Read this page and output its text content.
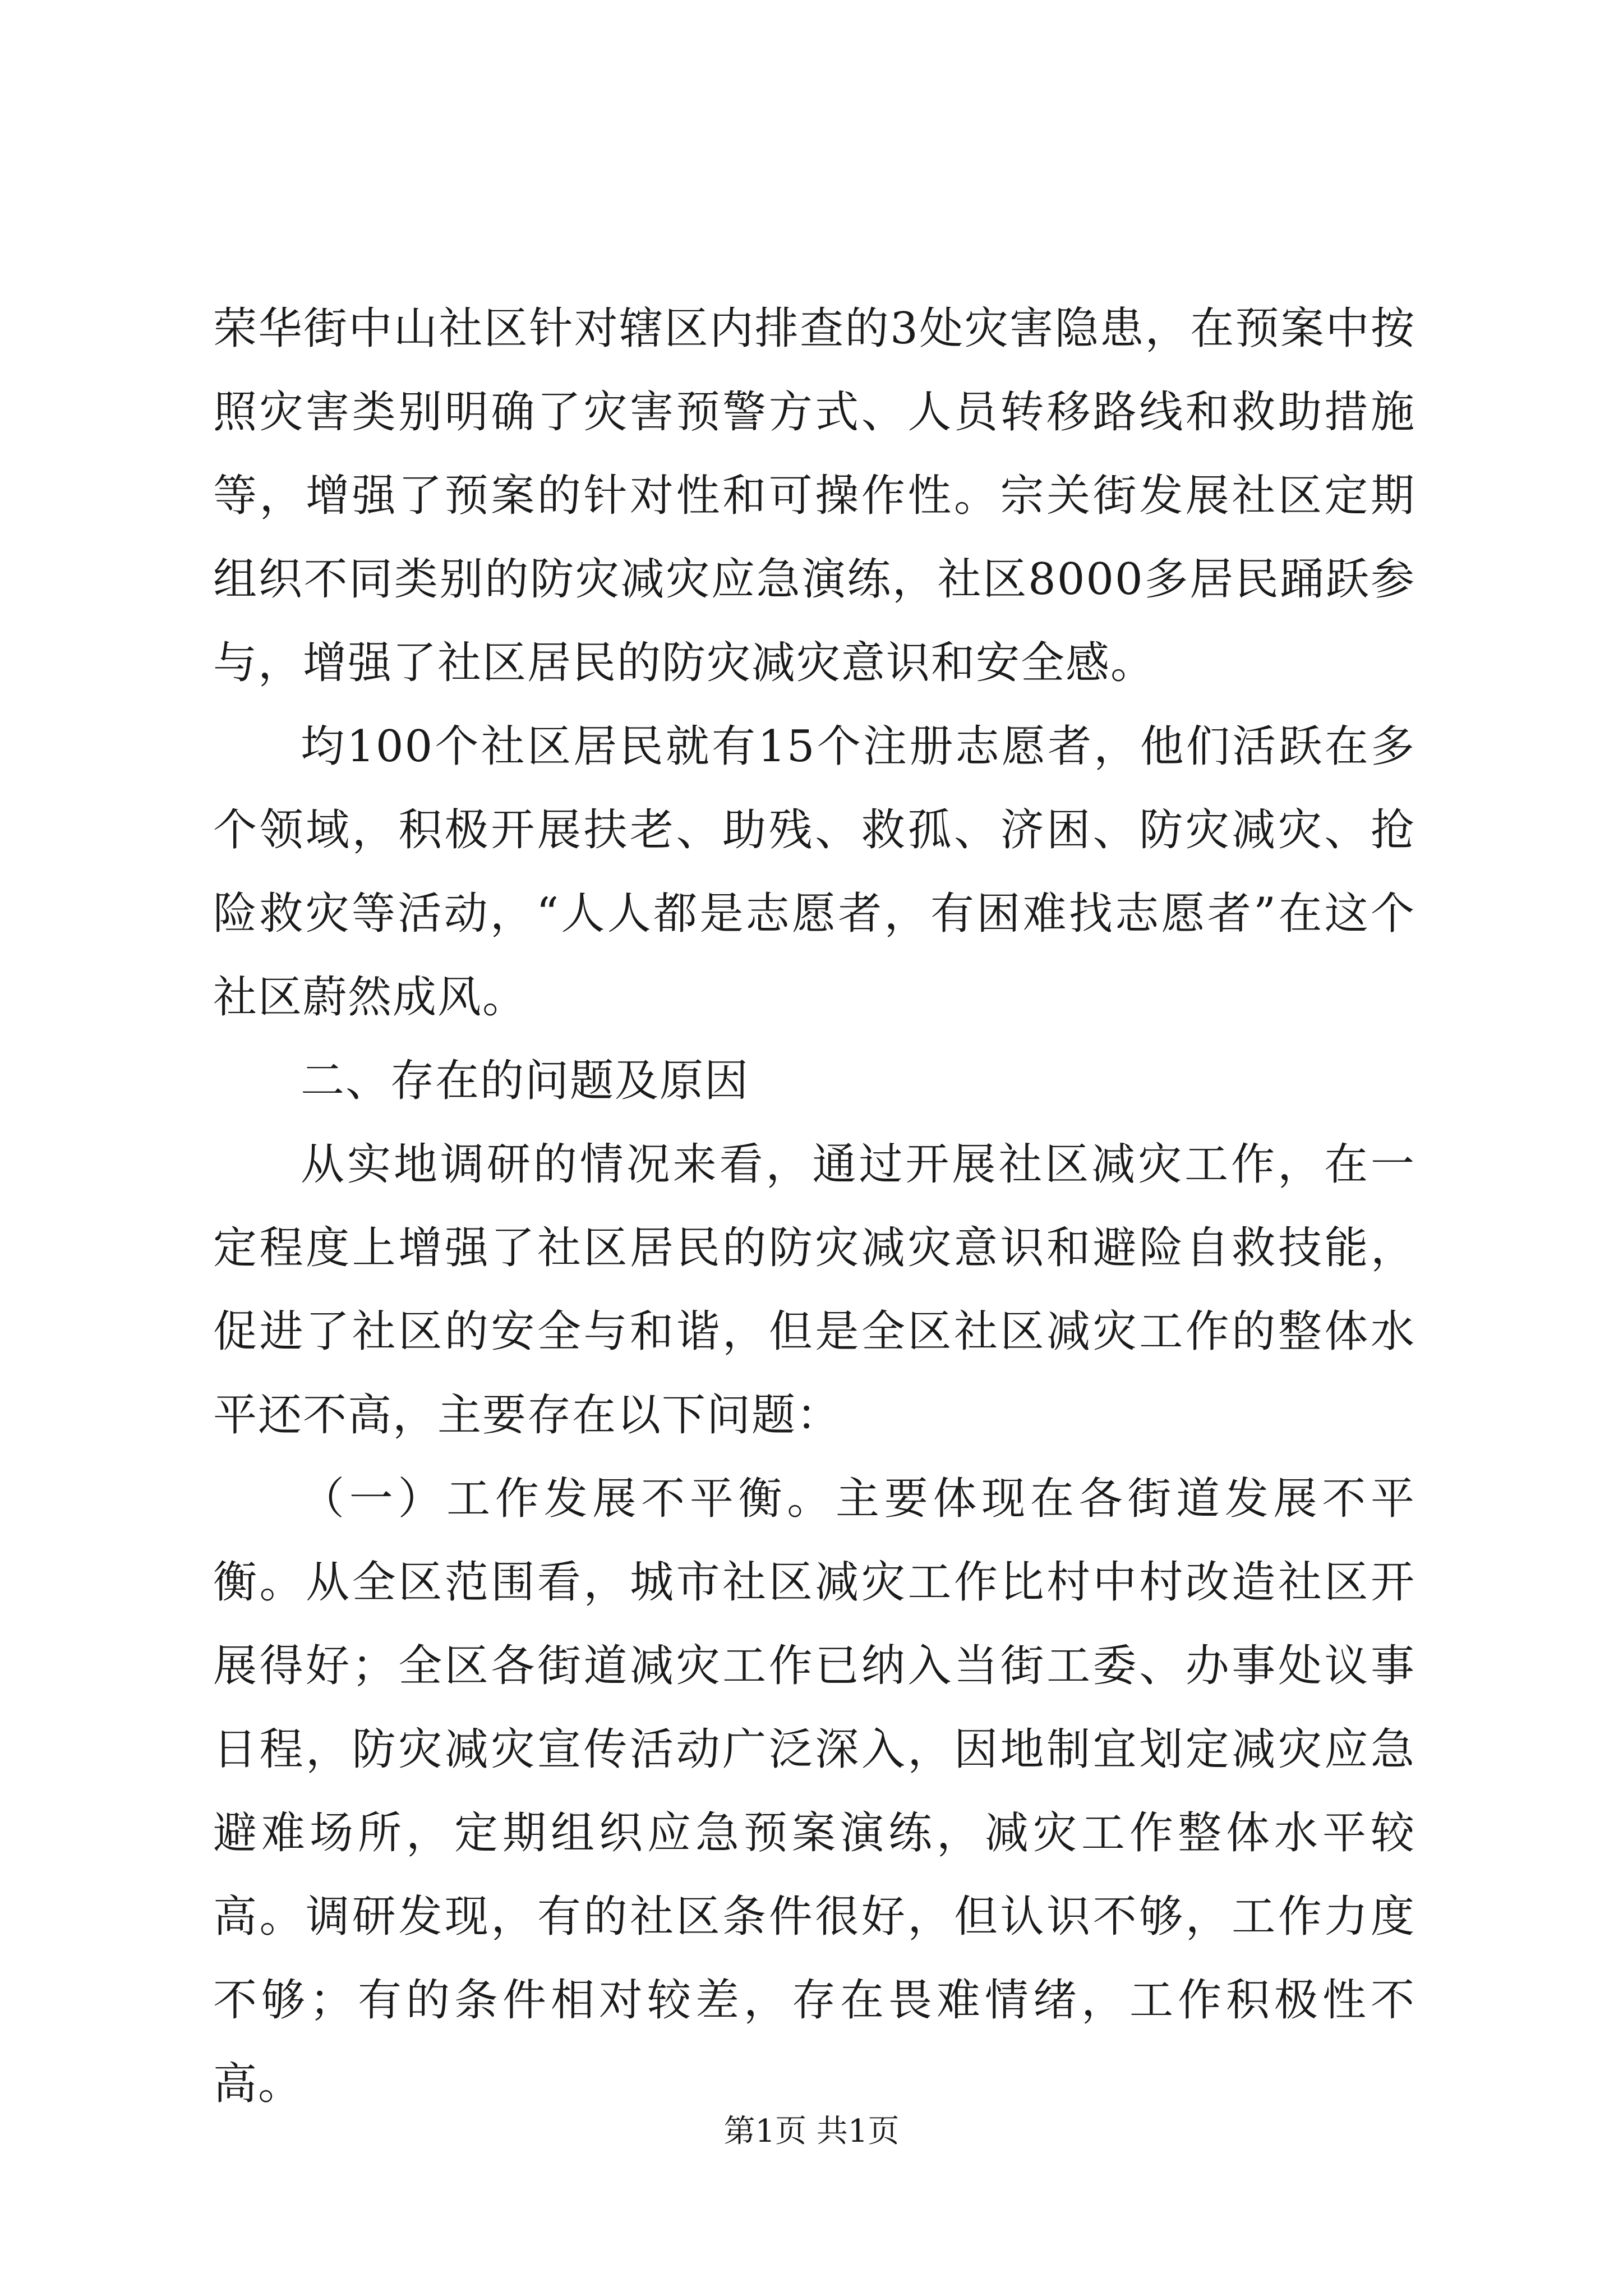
荣华街中山社区针对辖区内排查的3处灾害隐患，在预案中按照灾害类别明确了灾害预警方式、人员转移路线和救助措施等，增强了预案的针对性和可操作性。宗关街发展社区定期组织不同类别的防灾减灾应急演练，社区8000多居民踊跃参与，增强了社区居民的防灾减灾意识和安全感。

均100个社区居民就有15个注册志愿者，他们活跃在多个领域，积极开展扶老、助残、救孤、济困、防灾减灾、抢险救灾等活动，“人人都是志愿者，有困难找志愿者”在这个社区蔚然成风。

二、存在的问题及原因

从实地调研的情况来看，通过开展社区减灾工作，在一定程度上增强了社区居民的防灾减灾意识和避险自救技能，促进了社区的安全与和谐，但是全区社区减灾工作的整体水平还不高，主要存在以下问题：

（一）工作发展不平衡。主要体现在各街道发展不平衡。从全区范围看，城市社区减灾工作比村中村改造社区开展得好；全区各街道减灾工作已纳入当街工委、办事处议事日程，防灾减灾宣传活动广泛深入，因地制宜划定减灾应急避难场所，定期组织应急预案演练，减灾工作整体水平较高。调研发现，有的社区条件很好，但认识不够，工作力度不够；有的条件相对较差，存在畏难情绪，工作积极性不高。

第1页 共1页
